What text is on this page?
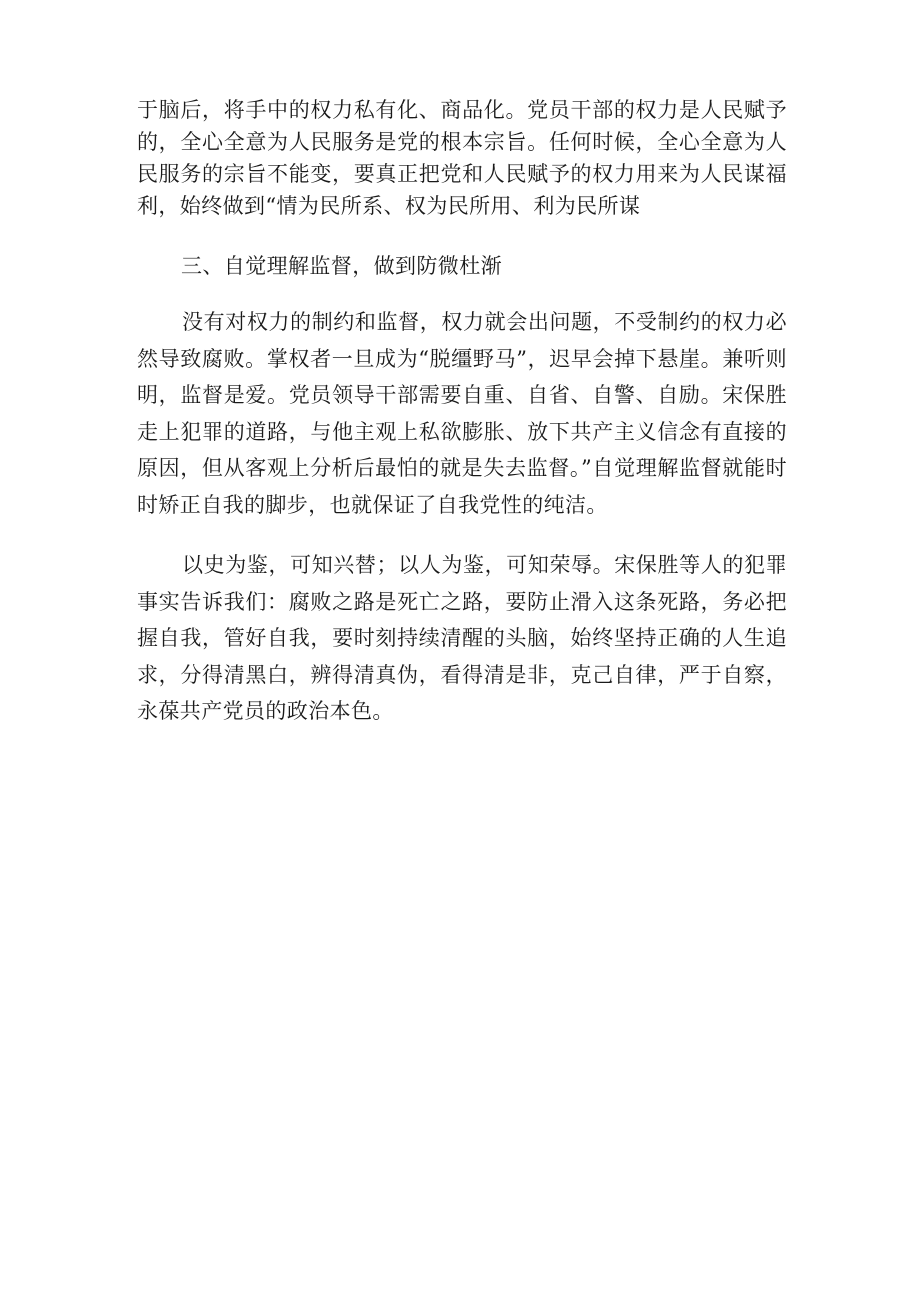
于脑后，将手中的权力私有化、商品化。党员干部的权力是人民赋予的，全心全意为人民服务是党的根本宗旨。任何时候，全心全意为人民服务的宗旨不能变，要真正把党和人民赋予的权力用来为人民谋福利，始终做到“情为民所系、权为民所用、利为民所谋

三、自觉理解监督，做到防微杜渐

没有对权力的制约和监督，权力就会出问题，不受制约的权力必然导致腐败。掌权者一旦成为“脱缰野马”，迟早会掉下悬崖。兼听则明，监督是爱。党员领导干部需要自重、自省、自警、自励。宋保胜走上犯罪的道路，与他主观上私欲膨胀、放下共产主义信念有直接的原因，但从客观上分析后最怕的就是失去监督。”自觉理解监督就能时时矫正自我的脚步，也就保证了自我党性的纯洁。

以史为鉴，可知兴替；以人为鉴，可知荣辱。宋保胜等人的犯罪事实告诉我们：腐败之路是死亡之路，要防止滑入这条死路，务必把握自我，管好自我，要时刻持续清醒的头脑，始终坚持正确的人生追求，分得清黑白，辨得清真伪，看得清是非，克己自律，严于自察，永葆共产党员的政治本色。
